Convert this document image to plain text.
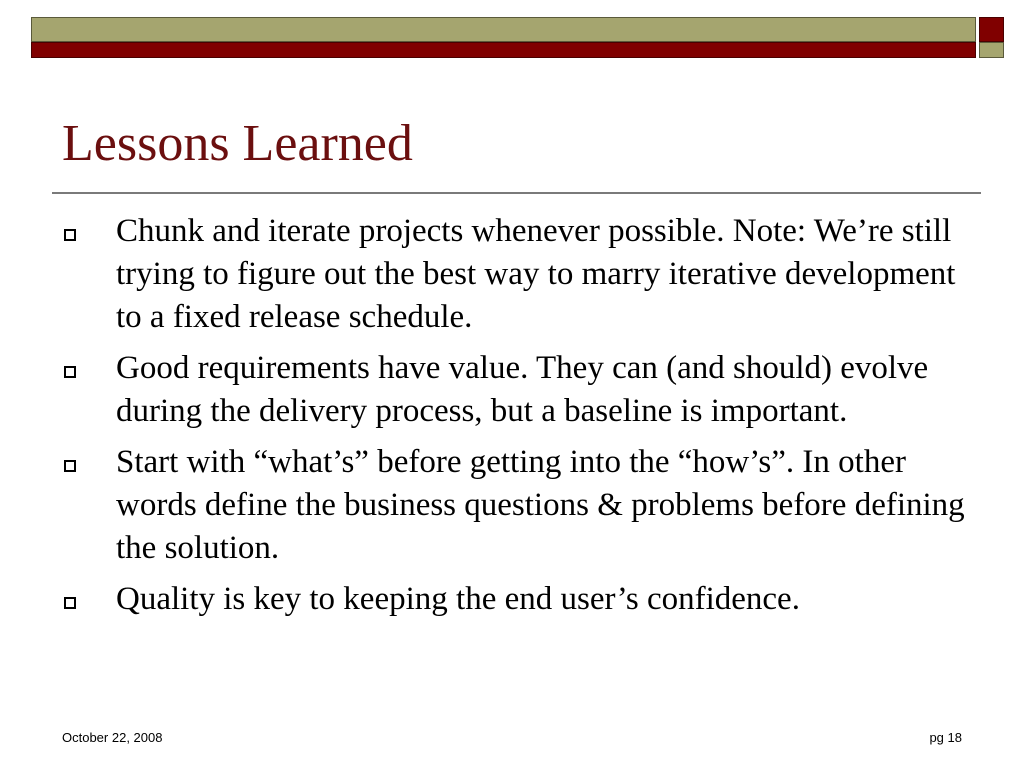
Lessons Learned
Chunk and iterate projects whenever possible. Note: We’re still trying to figure out the best way to marry iterative development to a fixed release schedule.
Good requirements have value. They can (and should) evolve during the delivery process, but a baseline is important.
Start with “what’s” before getting into the “how’s”. In other words define the business questions & problems before defining the solution.
Quality is key to keeping the end user’s confidence.
October 22, 2008	pg 18
